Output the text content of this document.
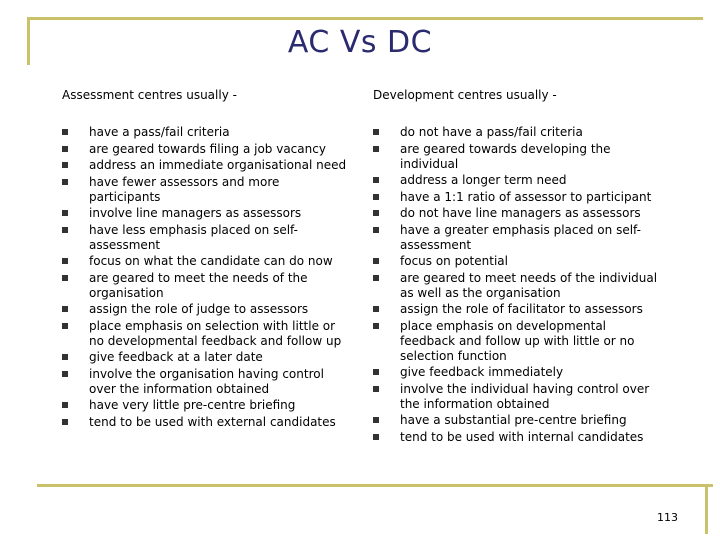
AC Vs DC
Assessment centres usually -
have a pass/fail criteria
are geared towards filing a job vacancy
address an immediate organisational need
have fewer assessors and more participants
involve line managers as assessors
have less emphasis placed on self-assessment
focus on what the candidate can do now
are geared to meet the needs of the organisation
assign the role of judge to assessors
place emphasis on selection with little or no developmental feedback and follow up
give feedback at a later date
involve the organisation having control over the information obtained
have very little pre-centre briefing
tend to be used with external candidates
Development centres usually -
do not have a pass/fail criteria
are geared towards developing the individual
address a longer term need
have a 1:1 ratio of assessor to participant
do not have line managers as assessors
have a greater emphasis placed on self-assessment
focus on potential
are geared to meet needs of the individual as well as the organisation
assign the role of facilitator to assessors
place emphasis on developmental feedback and follow up with little or no selection function
give feedback immediately
involve the individual having control over the information obtained
have a substantial pre-centre briefing
tend to be used with internal candidates
113
